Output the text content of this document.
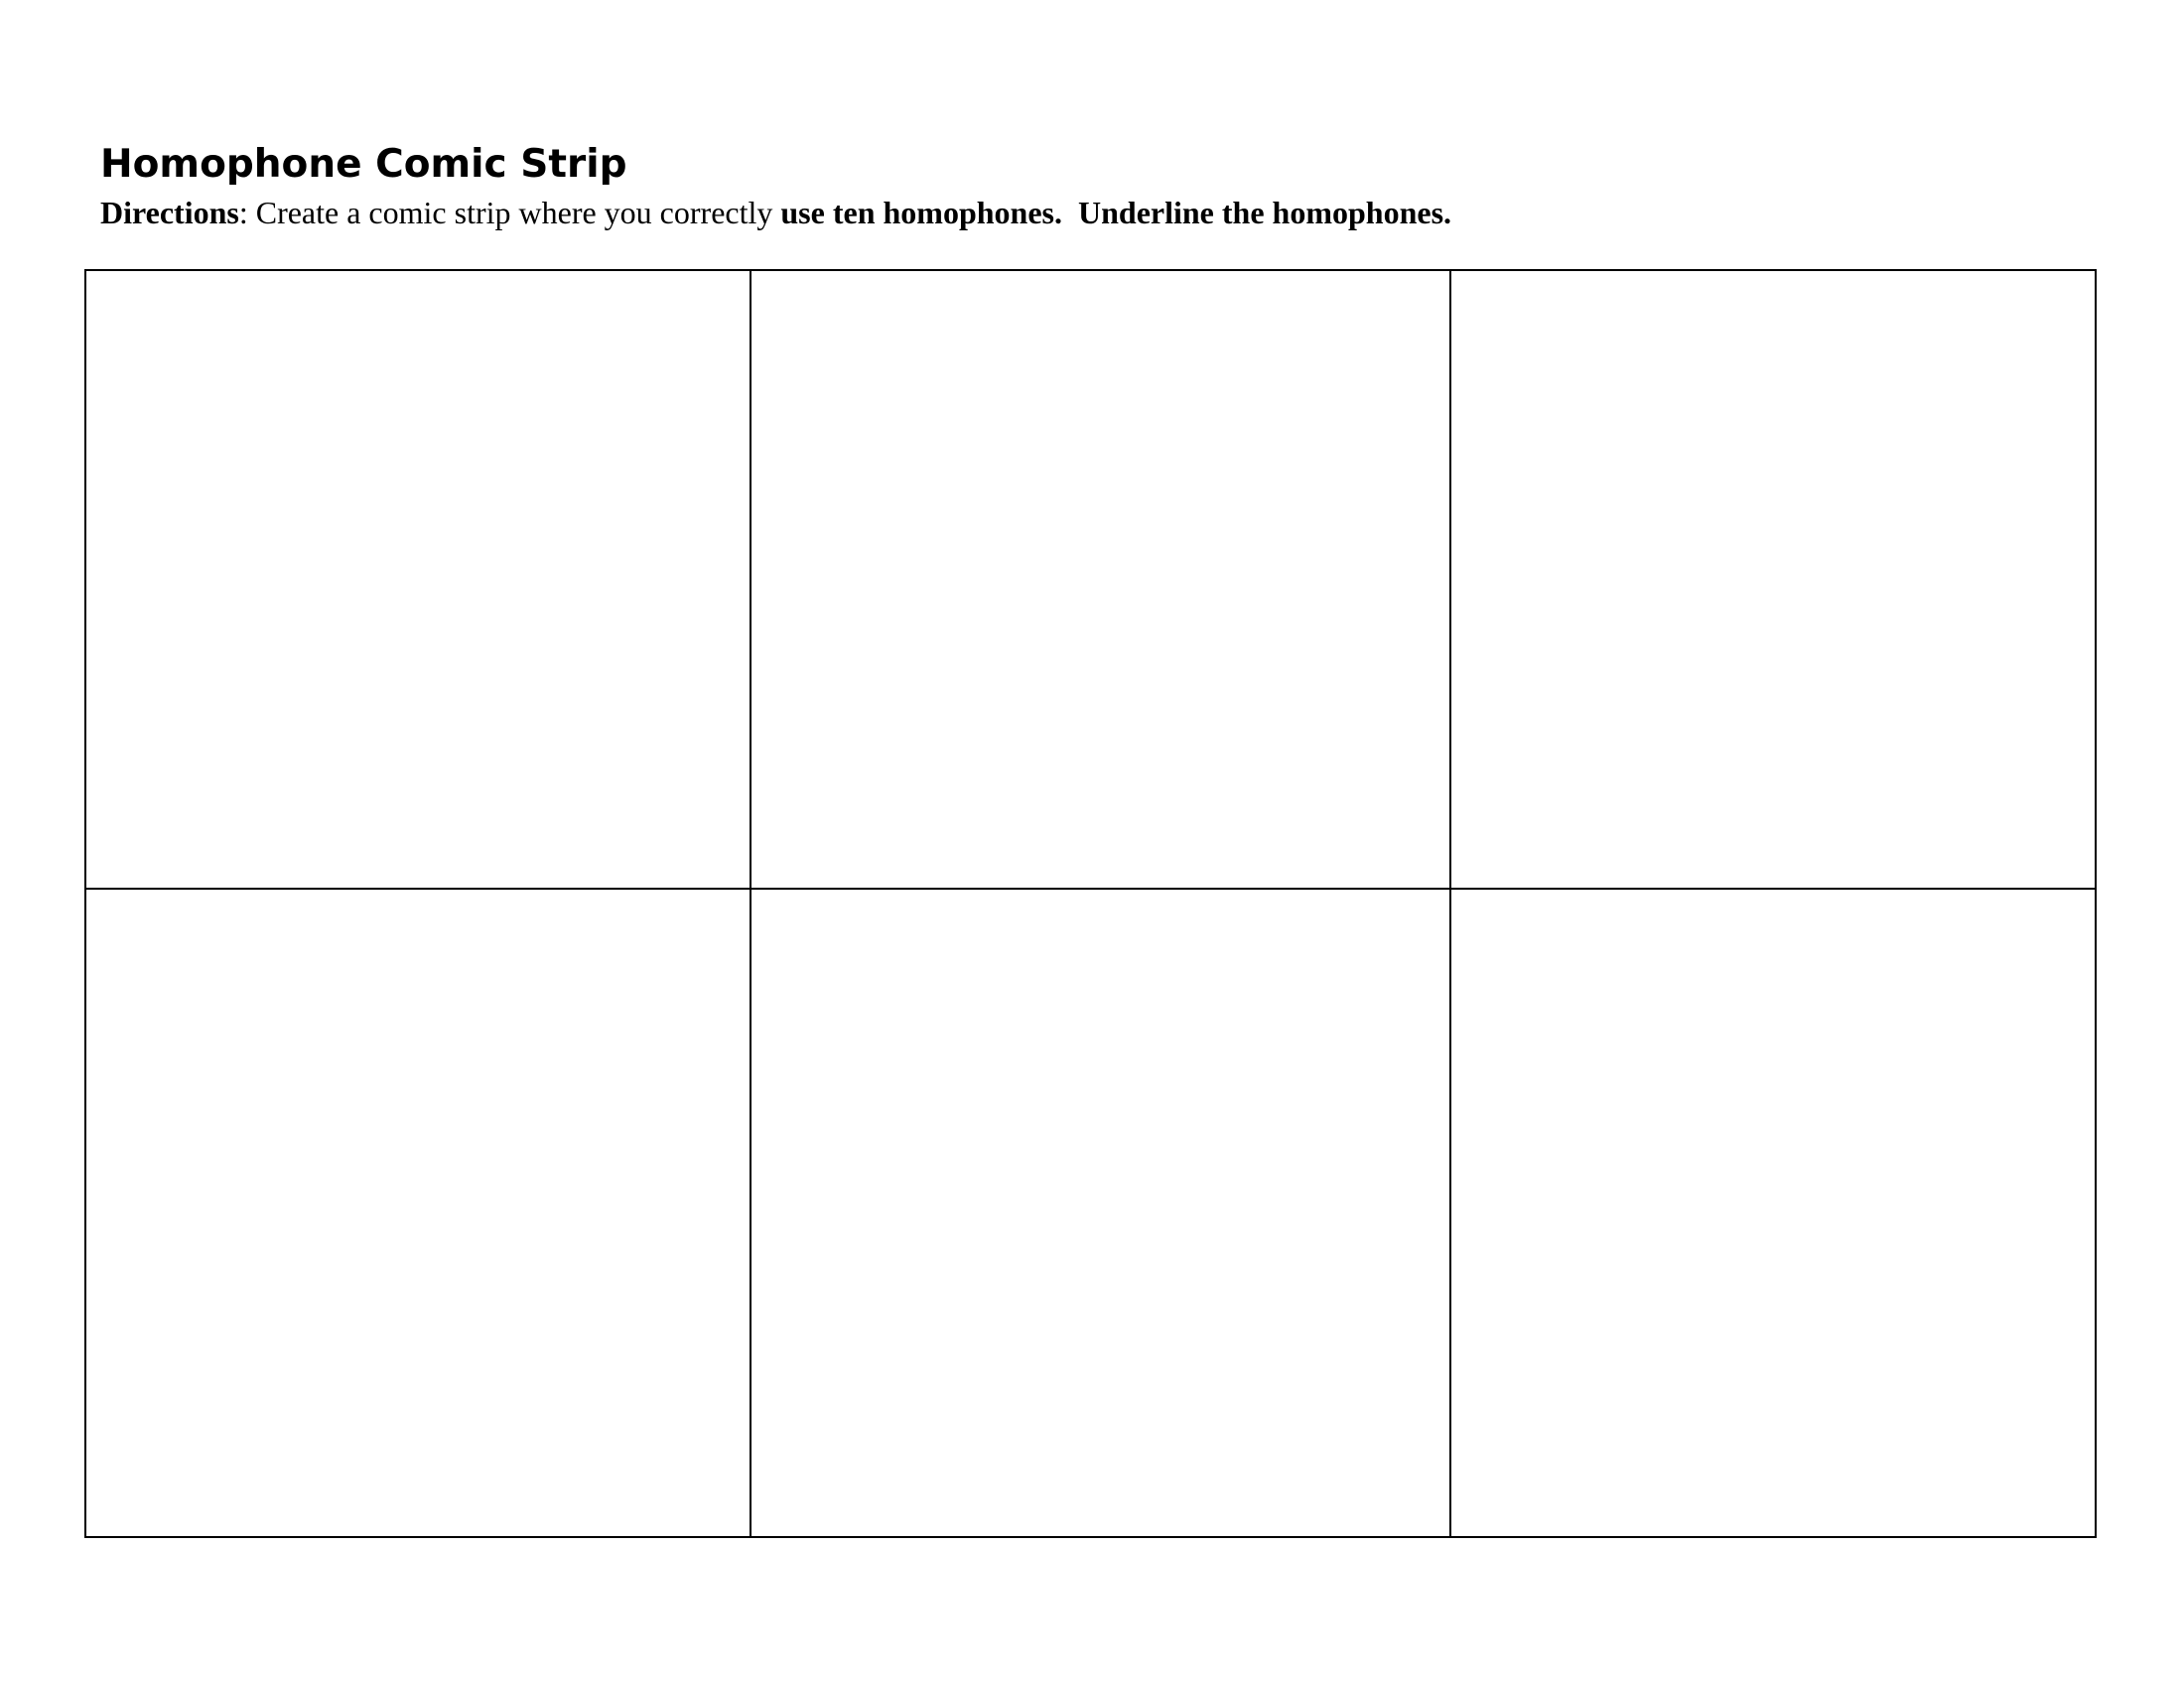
Homophone Comic Strip

Directions: Create a comic strip where you correctly use ten homophones. Underline the homophones.
